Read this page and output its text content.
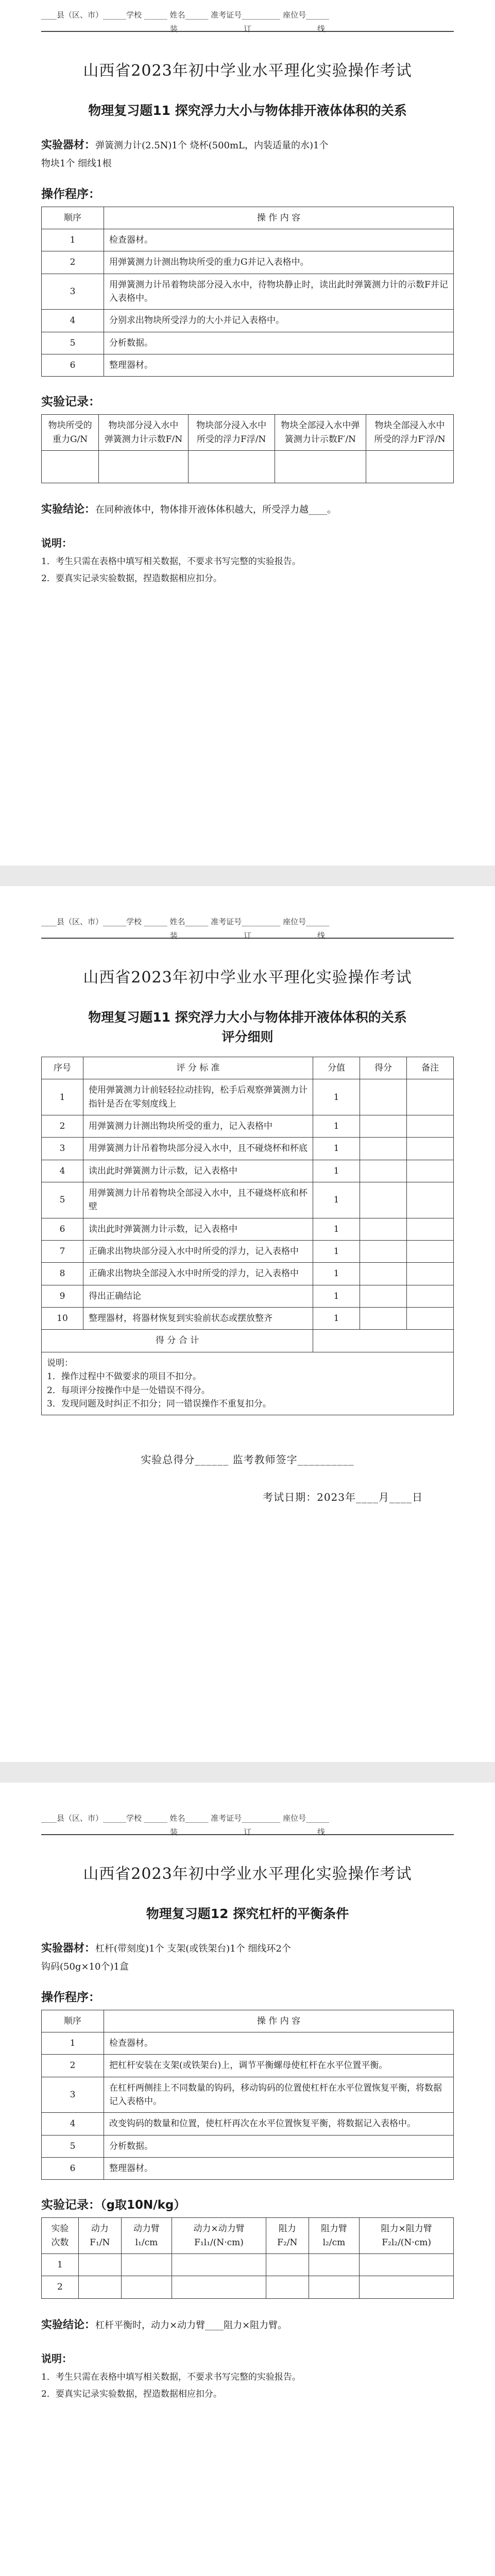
____县（区、市）______学校 ______ 姓名______ 准考证号__________ 座位号______
装	订	线
山西省2023年初中学业水平理化实验操作考试
物理复习题11 探究浮力大小与物体排开液体体积的关系
实验器材：弹簧测力计(2.5N)1个 烧杯(500mL，内装适量的水)1个
物块1个 细线1根
操作程序：
顺序	操 作 内 容
1	检查器材。
2	用弹簧测力计测出物块所受的重力G并记入表格中。
3	用弹簧测力计吊着物块部分浸入水中，待物块静止时，读出此时弹簧测力计的示数F并记入表格中。
4	分别求出物块所受浮力的大小并记入表格中。
5	分析数据。
6	整理器材。
实验记录：
物块所受的重力G/N	物块部分浸入水中弹簧测力计示数F/N	物块部分浸入水中所受的浮力F浮/N	物块全部浸入水中弹簧测力计示数F′/N	物块全部浸入水中所受的浮力F′浮/N

实验结论：在同种液体中，物体排开液体体积越大，所受浮力越____。
说明：
1．考生只需在表格中填写相关数据，不要求书写完整的实验报告。
2．要真实记录实验数据，捏造数据相应扣分。
____县（区、市）______学校 ______ 姓名______ 准考证号__________ 座位号______
装	订	线
山西省2023年初中学业水平理化实验操作考试
物理复习题11 探究浮力大小与物体排开液体体积的关系
评分细则
序号	评 分 标 准	分值	得分	备注
1	使用弹簧测力计前轻轻拉动挂钩，松手后观察弹簧测力计指针是否在零刻度线上	1		
2	用弹簧测力计测出物块所受的重力，记入表格中	1		
3	用弹簧测力计吊着物块部分浸入水中，且不碰烧杯和杯底	1		
4	读出此时弹簧测力计示数，记入表格中	1		
5	用弹簧测力计吊着物块全部浸入水中，且不碰烧杯底和杯壁	1		
6	读出此时弹簧测力计示数，记入表格中	1		
7	正确求出物块部分浸入水中时所受的浮力，记入表格中	1		
8	正确求出物块全部浸入水中时所受的浮力，记入表格中	1		
9	得出正确结论	1		
10	整理器材，将器材恢复到实验前状态或摆放整齐	1		
得 分 合 计				

说明：
1．操作过程中不做要求的项目不扣分。
2．每项评分按操作中是一处错误不得分。
3．发现问题及时纠正不扣分；同一错误操作不重复扣分。				
实验总得分______ 监考教师签字__________
考试日期：2023年____月____日
____县（区、市）______学校 ______ 姓名______ 准考证号__________ 座位号______
装	订	线
山西省2023年初中学业水平理化实验操作考试
物理复习题12 探究杠杆的平衡条件
实验器材：杠杆(带刻度)1个 支架(或铁架台)1个 细线环2个
钩码(50g×10个)1盒
操作程序：
顺序	操 作 内 容
1	检查器材。
2	把杠杆安装在支架(或铁架台)上，调节平衡螺母使杠杆在水平位置平衡。
3	在杠杆两侧挂上不同数量的钩码，移动钩码的位置使杠杆在水平位置恢复平衡，将数据记入表格中。
4	改变钩码的数量和位置，使杠杆再次在水平位置恢复平衡，将数据记入表格中。
5	分析数据。
6	整理器材。
实验记录：（g取10N/kg）
实验次数	动力F₁/N	动力臂l₁/cm	动力×动力臂F₁l₁/(N·cm)	阻力F₂/N	阻力臂l₂/cm	阻力×阻力臂F₂l₂/(N·cm)
1						
2						
实验结论：杠杆平衡时，动力×动力臂____阻力×阻力臂。
说明：
1．考生只需在表格中填写相关数据，不要求书写完整的实验报告。
2．要真实记录实验数据，捏造数据相应扣分。
